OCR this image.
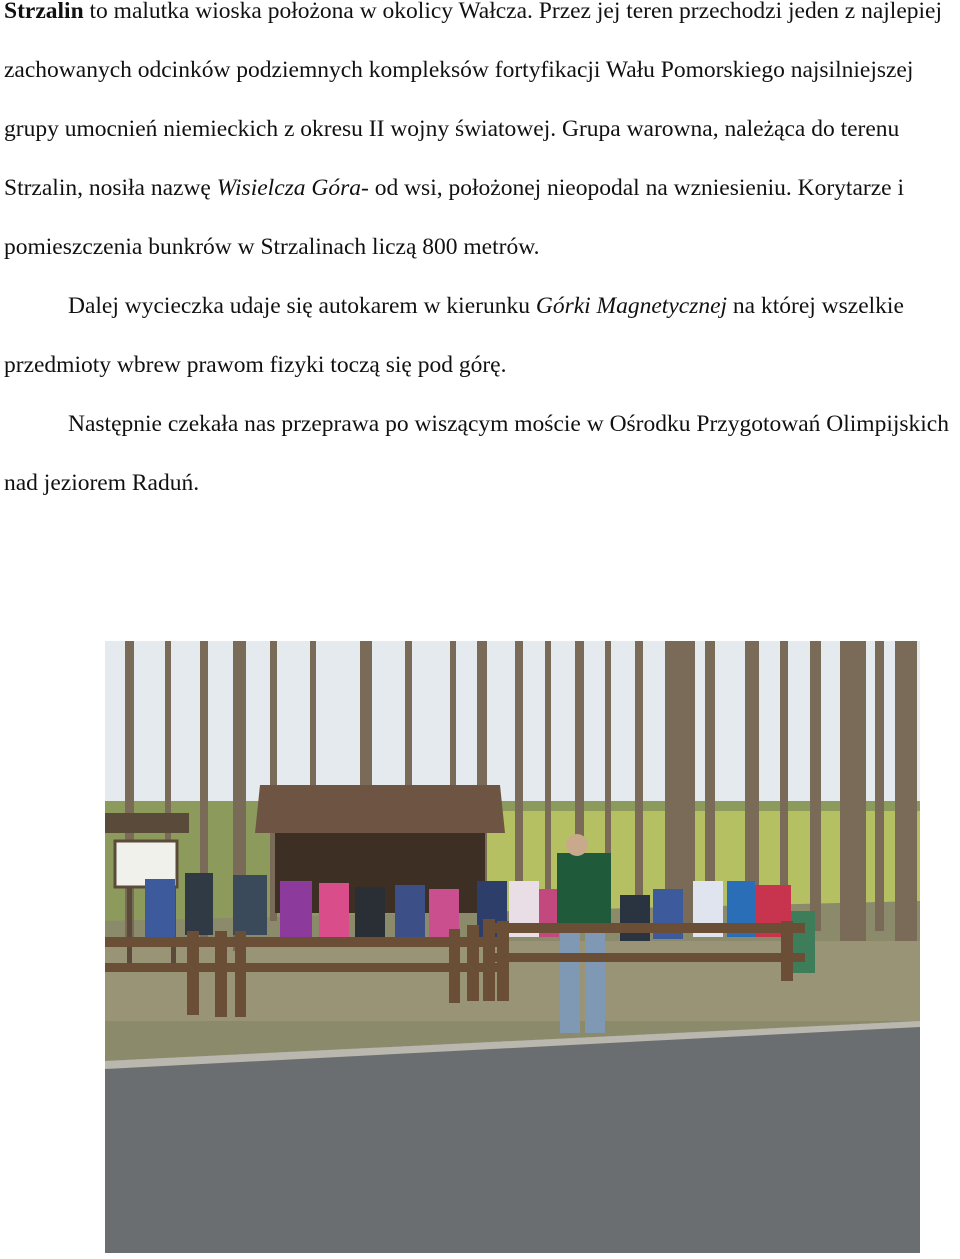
Strzalin to malutka wioska położona w okolicy Wałcza. Przez jej teren przechodzi jeden z najlepiej zachowanych odcinków podziemnych kompleksów fortyfikacji Wału Pomorskiego najsilniejszej grupy umocnień niemieckich z okresu II wojny światowej. Grupa warowna, należąca do terenu Strzalin, nosiła nazwę Wisielcza Góra- od wsi, położonej nieopodal na wzniesieniu. Korytarze i pomieszczenia bunkrów w Strzalinach liczą 800 metrów.

Dalej wycieczka udaje się autokarem w kierunku Górki Magnetycznej na której wszelkie przedmioty wbrew prawom fizyki toczą się pod górę.

Następnie czekała nas przeprawa po wiszącym moście w Ośrodku Przygotowań Olimpijskich nad jeziorem Raduń.
